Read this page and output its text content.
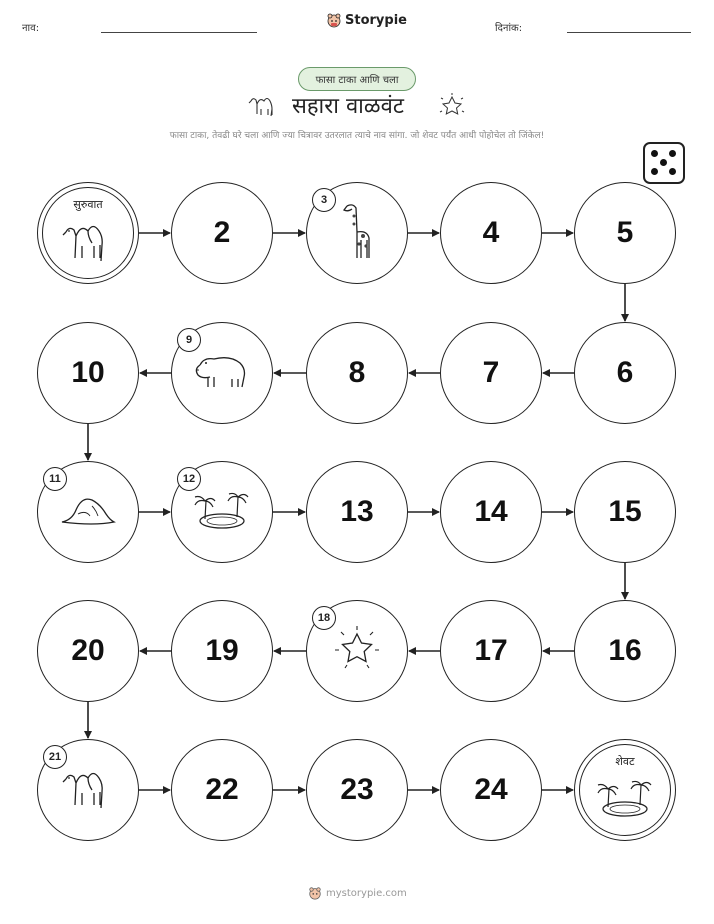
नाव:
Storypie
दिनांक:
फासा टाका आणि चला
सहारा वाळवंट
फासा टाका, तेवढी घरे चला आणि ज्या चित्रावर उतरलात त्याचे नाव सांगा. जो शेवट पर्यंत आधी पोहोचेल तो जिंकेल!
सुरुवात
2
3
4	5
6
7
8
9
10
11	12
13	14	15
16
17
18
19
20
21
22	23	24
शेवट
mystorypie.com
